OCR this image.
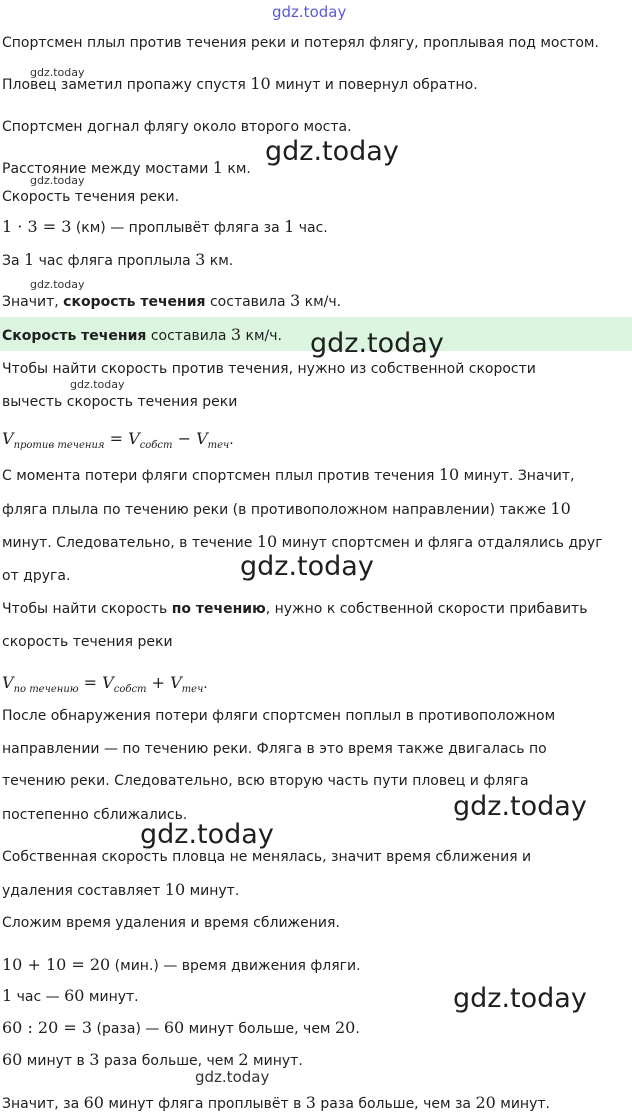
gdz.today
Спортсмен плыл против течения реки и потерял флягу, проплывая под мостом.
Пловец заметил пропажу спустя 10 минут и повернул обратно.
Спортсмен догнал флягу около второго моста.
Расстояние между мостами 1 км.
Скорость течения реки.
1 · 3 = 3 (км) — проплывёт фляга за 1 час.
За 1 час фляга проплыла 3 км.
Значит, скорость течения составила 3 км/ч.
Скорость течения составила 3 км/ч.
Чтобы найти скорость против течения, нужно из собственной скорости
вычесть скорость течения реки
$V_{против течения} = V_{собст} - V_{теч}$.
С момента потери фляги спортсмен плыл против течения 10 минут. Значит,
фляга плыла по течению реки (в противоположном направлении) также 10
минут. Следовательно, в течение 10 минут спортсмен и фляга отдалялись друг
от друга.
Чтобы найти скорость по течению, нужно к собственной скорости прибавить
скорость течения реки
$V_{по течению} = V_{собст} + V_{теч}$.
После обнаружения потери фляги спортсмен поплыл в противоположном
направлении — по течению реки. Фляга в это время также двигалась по
течению реки. Следовательно, всю вторую часть пути пловец и фляга
постепенно сближались.
Собственная скорость пловца не менялась, значит время сближения и
удаления составляет 10 минут.
Сложим время удаления и время сближения.
10 + 10 = 20 (мин.) — время движения фляги.
1 час — 60 минут.
60 : 20 = 3 (раза) — 60 минут больше, чем 20.
60 минут в 3 раза больше, чем 2 минут.
Значит, за 60 минут фляга проплывёт в 3 раза больше, чем за 20 минут.
gdz.today
gdz.today
gdz.today
gdz.today
gdz.today
gdz.today
gdz.today
gdz.today
gdz.today
gdz.today
gdz.today
